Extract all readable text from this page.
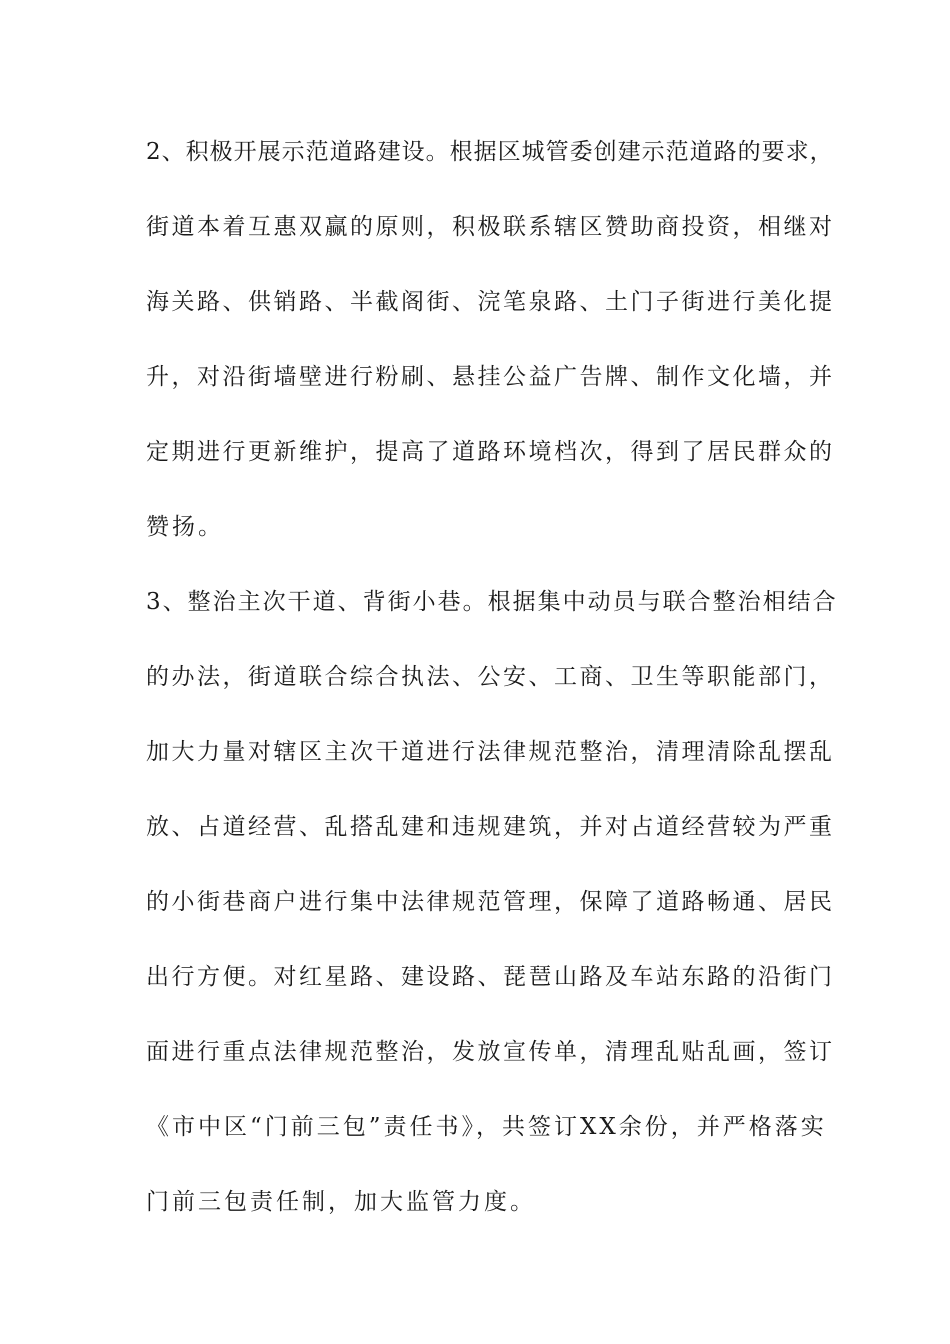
2、积极开展示范道路建设。根据区城管委创建示范道路的要求，
街道本着互惠双赢的原则，积极联系辖区赞助商投资，相继对
海关路、供销路、半截阁街、浣笔泉路、土门子街进行美化提
升，对沿街墙壁进行粉刷、悬挂公益广告牌、制作文化墙，并
定期进行更新维护，提高了道路环境档次，得到了居民群众的
赞扬。
3、整治主次干道、背街小巷。根据集中动员与联合整治相结合
的办法，街道联合综合执法、公安、工商、卫生等职能部门，
加大力量对辖区主次干道进行法律规范整治，清理清除乱摆乱
放、占道经营、乱搭乱建和违规建筑，并对占道经营较为严重
的小街巷商户进行集中法律规范管理，保障了道路畅通、居民
出行方便。对红星路、建设路、琵琶山路及车站东路的沿街门
面进行重点法律规范整治，发放宣传单，清理乱贴乱画，签订
《市中区“门前三包”责任书》，共签订XX余份，并严格落实
门前三包责任制，加大监管力度。
